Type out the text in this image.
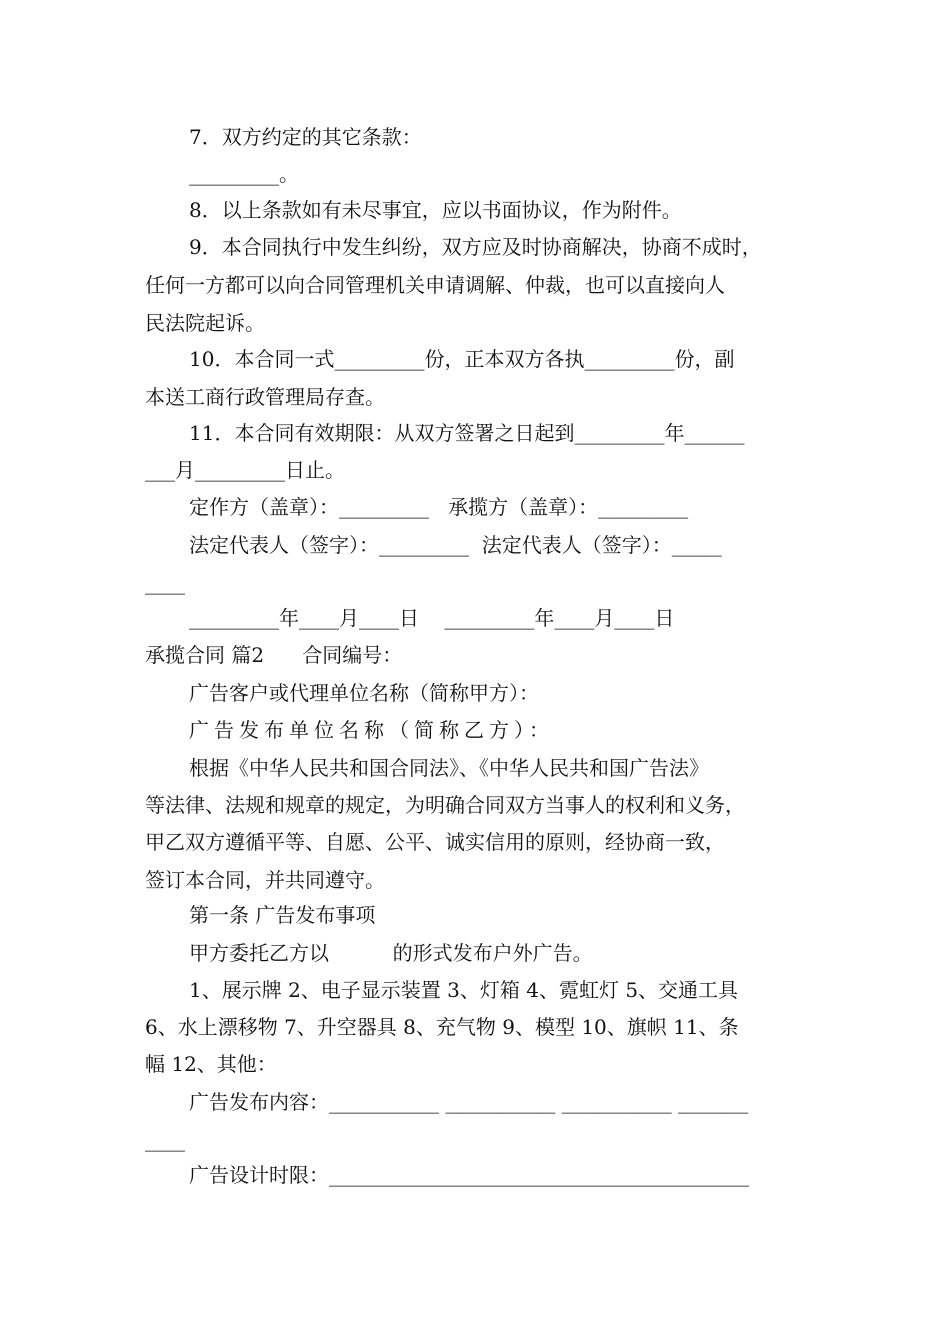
7．双方约定的其它条款：
_________。
8．以上条款如有未尽事宜，应以书面协议，作为附件。
9．本合同执行中发生纠纷，双方应及时协商解决，协商不成时，
任何一方都可以向合同管理机关申请调解、仲裁，也可以直接向人
民法院起诉。
10．本合同一式_________份，正本双方各执_________份，副
本送工商行政管理局存查。
11．本合同有效期限：从双方签署之日起到_________年______
___月_________日止。
定作方（盖章）：_________   承揽方（盖章）：_________
法定代表人（签字）：_________  法定代表人（签字）：_____
____
_________年____月____日    _________年____月____日
承揽合同 篇2      合同编号：
广告客户或代理单位名称（简称甲方）：
广告发布单位名称（简称乙方）：
根据《中华人民共和国合同法》、《中华人民共和国广告法》
等法律、法规和规章的规定，为明确合同双方当事人的权利和义务，
甲乙双方遵循平等、自愿、公平、诚实信用的原则，经协商一致，
签订本合同，并共同遵守。
第一条 广告发布事项
甲方委托乙方以          的形式发布户外广告。
1、展示牌 2、电子显示装置 3、灯箱 4、霓虹灯 5、交通工具
6、水上漂移物 7、升空器具 8、充气物 9、模型 10、旗帜 11、条
幅 12、其他：
广告发布内容：___________ ___________ ___________ _______
____
广告设计时限：__________________________________________
